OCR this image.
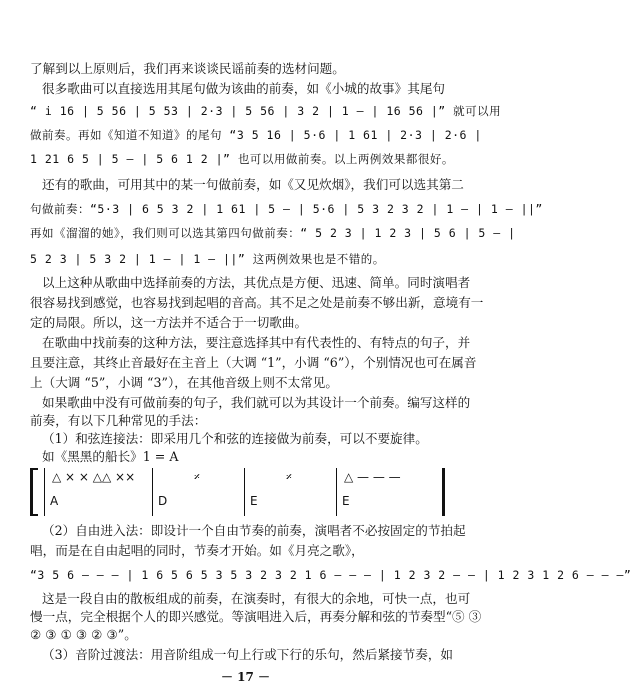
了解到以上原则后，我们再来谈谈民谣前奏的选材问题。
很多歌曲可以直接选用其尾句做为该曲的前奏，如《小城的故事》其尾句
“ i 16 | 5 56 | 5 53 | 2·3 | 5 56 | 3 2 | 1 — | 16 56 |” 就可以用
做前奏。再如《知道不知道》的尾句 “3 5 16 | 5·6 | 1 61 | 2·3 | 2·6 |
1 21 6 5 | 5 — | 5 6 1 2 |” 也可以用做前奏。以上两例效果都很好。
还有的歌曲，可用其中的某一句做前奏，如《又见炊烟》，我们可以选其第二
句做前奏：“5·3 | 6 5 3 2 | 1 61 | 5 — | 5·6 | 5 3 2 3 2 | 1 — | 1 — ||”
再如《溜溜的她》，我们则可以选其第四句做前奏：“ 5 2 3 | 1 2 3 | 5 6 | 5 — |
5 2 3 | 5 3 2 | 1 — | 1 — ||” 这两例效果也是不错的。
以上这种从歌曲中选择前奏的方法，其优点是方便、迅速、简单。同时演唱者
很容易找到感觉，也容易找到起唱的音高。其不足之处是前奏不够出新，意境有一
定的局限。所以，这一方法并不适合于一切歌曲。
在歌曲中找前奏的这种方法，要注意选择其中有代表性的、有特点的句子，并
且要注意，其终止音最好在主音上（大调 “1”，小调 “6”），个别情况也可在属音
上（大调 “5”，小调 “3”），在其他音级上则不太常见。
如果歌曲中没有可做前奏的句子，我们就可以为其设计一个前奏。编写这样的
前奏，有以下几种常见的手法：
（1）和弦连接法：即采用几个和弦的连接做为前奏，可以不要旋律。
如《黑黑的船长》1 = A
△ × × △△ ××	𝄎	𝄎	△ — — —
A	D	E	E
（2）自由进入法：即设计一个自由节奏的前奏，演唱者不必按固定的节拍起
唱，而是在自由起唱的同时，节奏才开始。如《月亮之歌》，
“3 5 6 — — — | 1 6 5 6 5 3 5 3 2 3 2 1 6 — — — | 1 2 3 2 — — | 1 2 3 1 2 6 — — —”
这是一段自由的散板组成的前奏，在演奏时，有很大的余地，可快一点，也可
慢一点，完全根据个人的即兴感觉。等演唱进入后，再奏分解和弦的节奏型“⑤ ③
② ③ ① ③ ② ③”。
（3）音阶过渡法：用音阶组成一句上行或下行的乐句，然后紧接节奏，如
－ 17 －
